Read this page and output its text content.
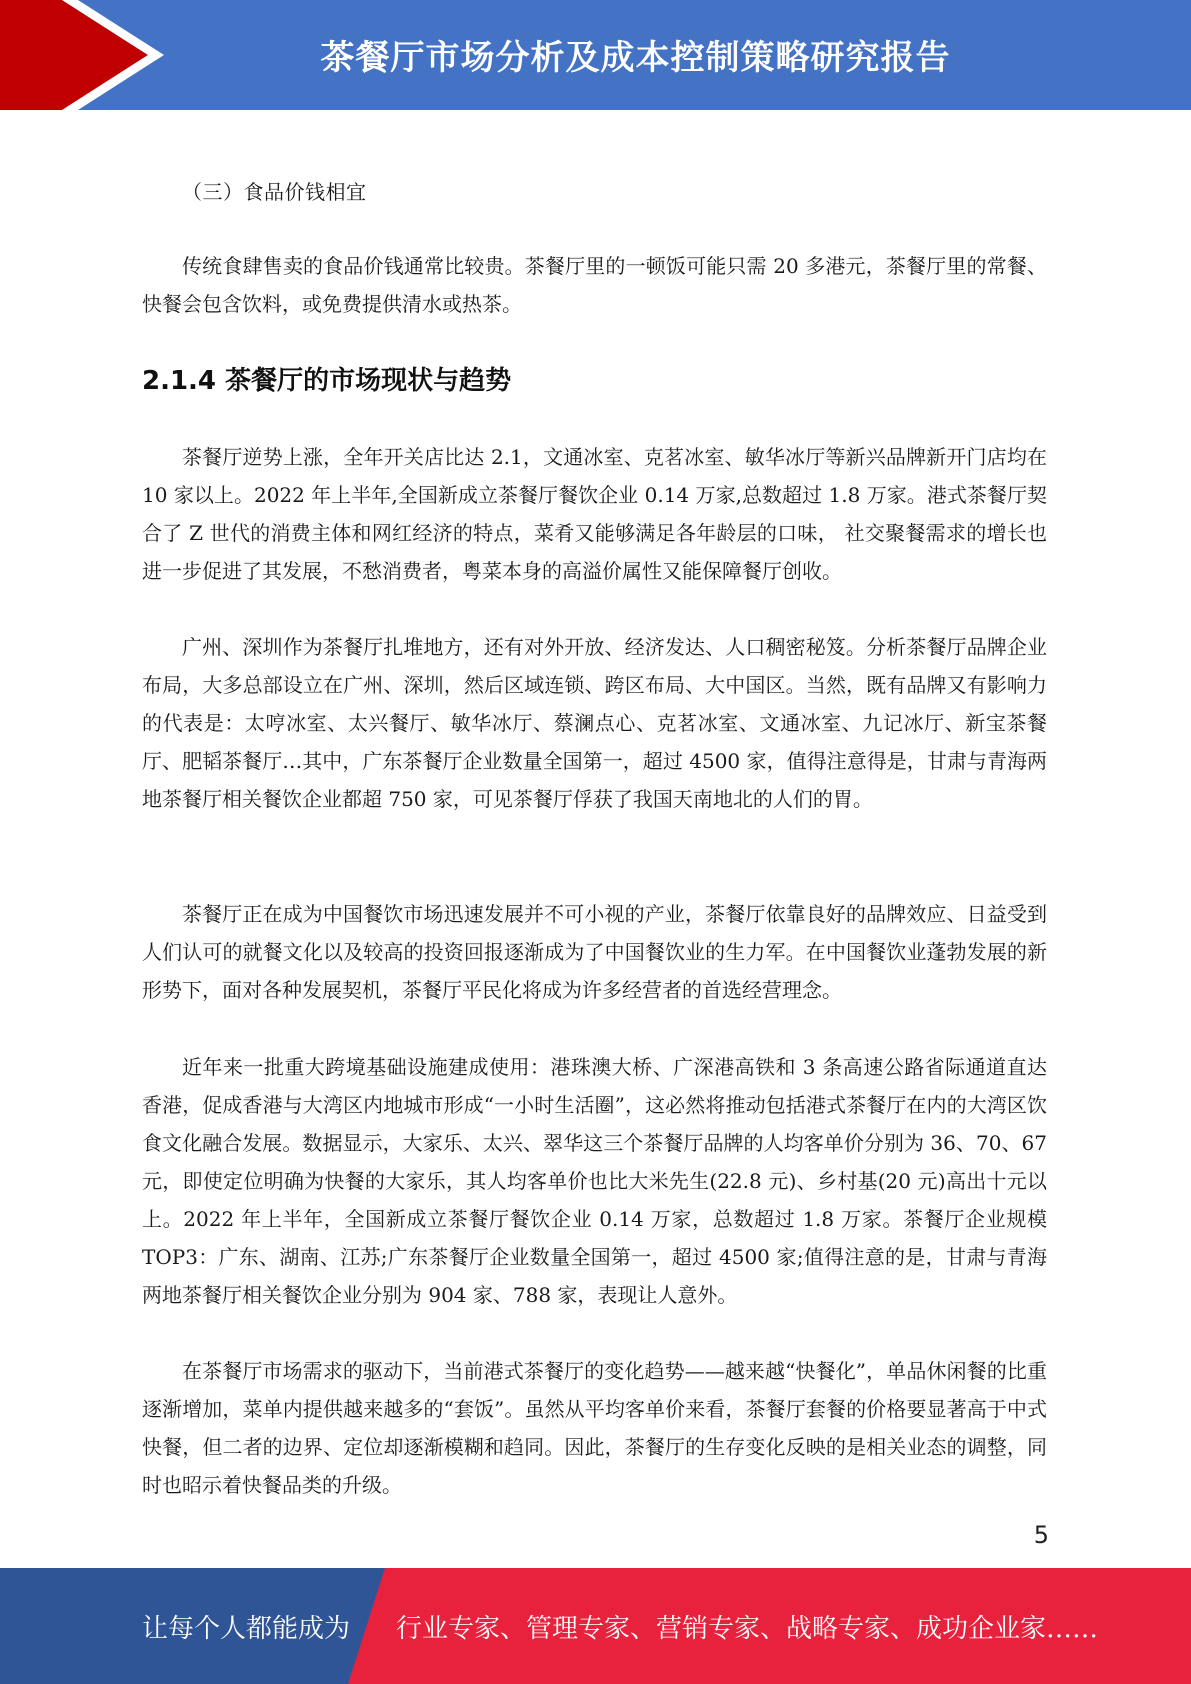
茶餐厅市场分析及成本控制策略研究报告
（三）食品价钱相宜

传统食肆售卖的食品价钱通常比较贵。茶餐厅里的一顿饭可能只需 20 多港元，茶餐厅里的常餐、快餐会包含饮料，或免费提供清水或热茶。

2.1.4 茶餐厅的市场现状与趋势

茶餐厅逆势上涨，全年开关店比达 2.1，文通冰室、克茗冰室、敏华冰厅等新兴品牌新开门店均在 10 家以上。2022 年上半年,全国新成立茶餐厅餐饮企业 0.14 万家,总数超过 1.8 万家。港式茶餐厅契合了 Z 世代的消费主体和网红经济的特点，菜肴又能够满足各年龄层的口味， 社交聚餐需求的增长也进一步促进了其发展，不愁消费者，粤菜本身的高溢价属性又能保障餐厅创收。

广州、深圳作为茶餐厅扎堆地方，还有对外开放、经济发达、人口稠密秘笈。分析茶餐厅品牌企业布局，大多总部设立在广州、深圳，然后区域连锁、跨区布局、大中国区。当然，既有品牌又有影响力的代表是：太哼冰室、太兴餐厅、敏华冰厅、蔡澜点心、克茗冰室、文通冰室、九记冰厅、新宝茶餐厅、肥韬茶餐厅…其中，广东茶餐厅企业数量全国第一，超过 4500 家，值得注意得是，甘肃与青海两地茶餐厅相关餐饮企业都超 750 家，可见茶餐厅俘获了我国天南地北的人们的胃。

茶餐厅正在成为中国餐饮市场迅速发展并不可小视的产业，茶餐厅依靠良好的品牌效应、日益受到人们认可的就餐文化以及较高的投资回报逐渐成为了中国餐饮业的生力军。在中国餐饮业蓬勃发展的新形势下，面对各种发展契机，茶餐厅平民化将成为许多经营者的首选经营理念。

近年来一批重大跨境基础设施建成使用：港珠澳大桥、广深港高铁和 3 条高速公路省际通道直达香港，促成香港与大湾区内地城市形成“一小时生活圈”，这必然将推动包括港式茶餐厅在内的大湾区饮食文化融合发展。数据显示，大家乐、太兴、翠华这三个茶餐厅品牌的人均客单价分别为 36、70、67 元，即使定位明确为快餐的大家乐，其人均客单价也比大米先生(22.8 元)、乡村基(20 元)高出十元以上。2022 年上半年，全国新成立茶餐厅餐饮企业 0.14 万家，总数超过 1.8 万家。茶餐厅企业规模 TOP3：广东、湖南、江苏;广东茶餐厅企业数量全国第一，超过 4500 家;值得注意的是，甘肃与青海两地茶餐厅相关餐饮企业分别为 904 家、788 家，表现让人意外。

在茶餐厅市场需求的驱动下，当前港式茶餐厅的变化趋势——越来越“快餐化”，单品休闲餐的比重逐渐增加，菜单内提供越来越多的“套饭”。虽然从平均客单价来看，茶餐厅套餐的价格要显著高于中式快餐，但二者的边界、定位却逐渐模糊和趋同。因此，茶餐厅的生存变化反映的是相关业态的调整，同时也昭示着快餐品类的升级。

5
让每个人都能成为 行业专家、管理专家、营销专家、战略专家、成功企业家……
